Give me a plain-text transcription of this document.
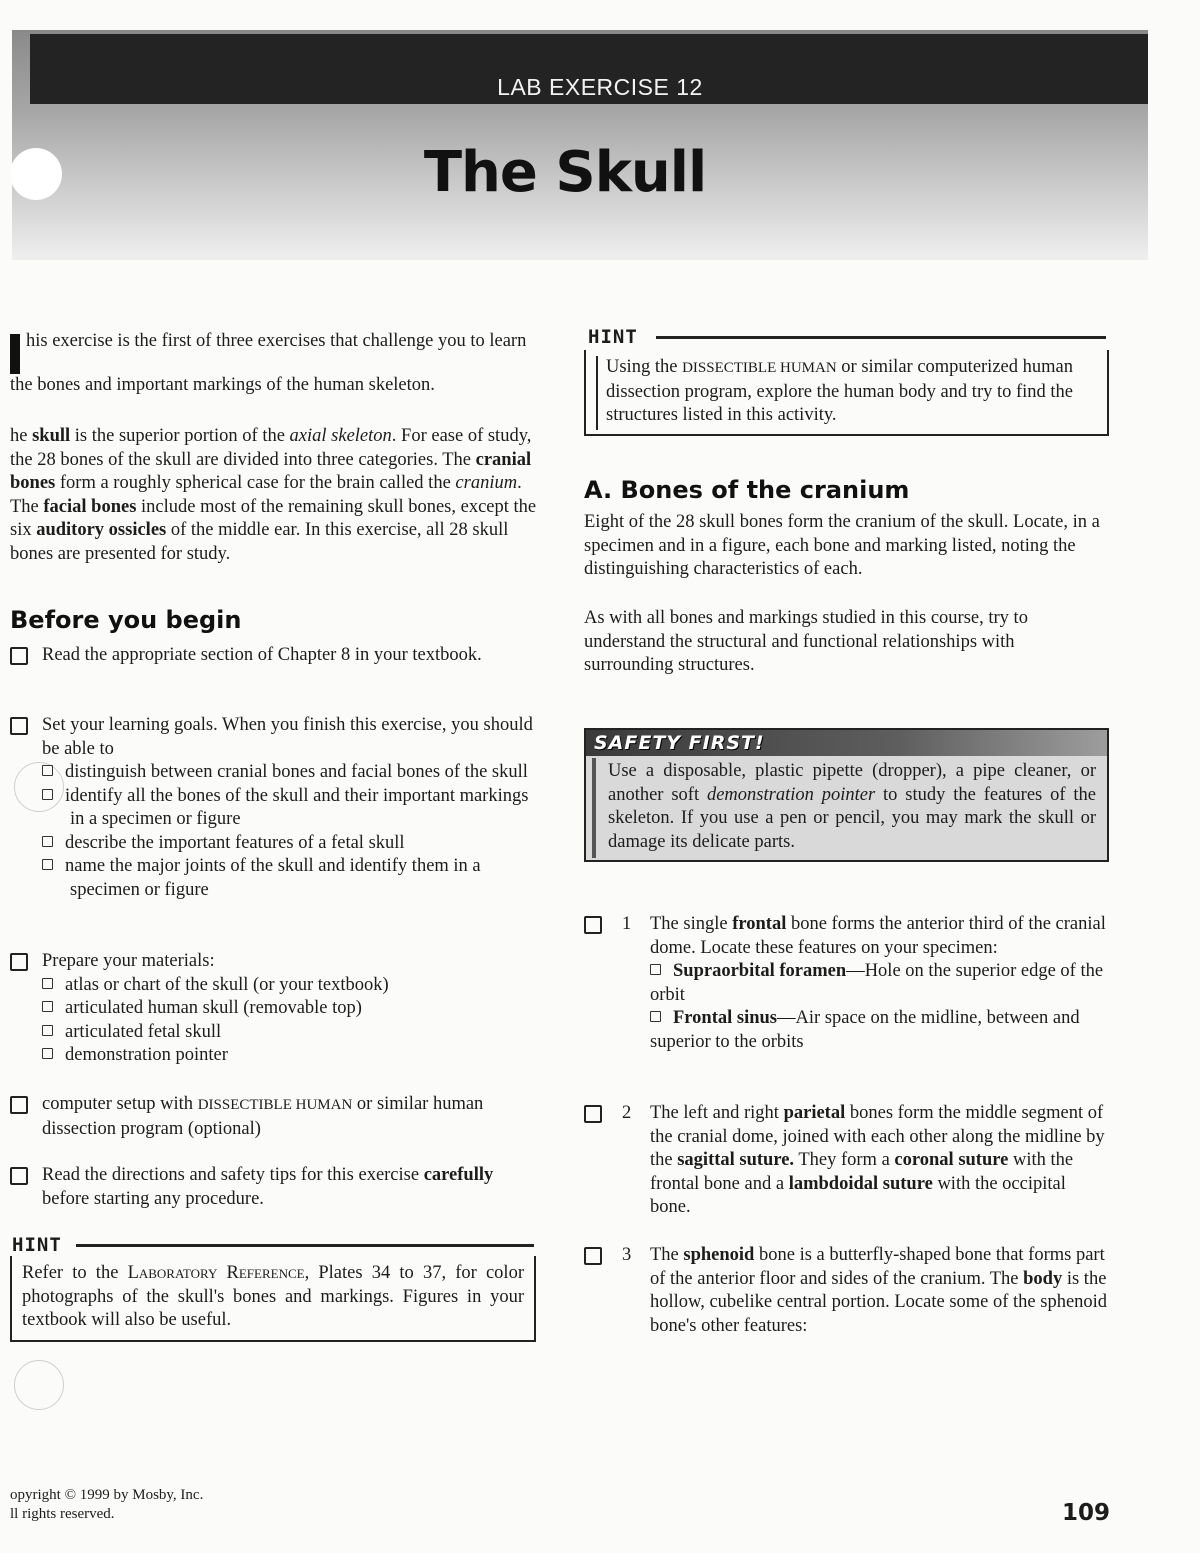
LAB EXERCISE 12
The Skull

his exercise is the first of three exercises that challenge you to learn the bones and important markings of the human skeleton.

he skull is the superior portion of the axial skeleton. For ease of study, the 28 bones of the skull are divided into three categories. The cranial bones form a roughly spherical case for the brain called the cranium. The facial bones include most of the remaining skull bones, except the six auditory ossicles of the middle ear. In this exercise, all 28 skull bones are presented for study.

Before you begin

Read the appropriate section of Chapter 8 in your textbook.

Set your learning goals. When you finish this exercise, you should be able to

distinguish between cranial bones and facial bones of the skull

identify all the bones of the skull and their important markings in a specimen or figure

describe the important features of a fetal skull

name the major joints of the skull and identify them in a specimen or figure

Prepare your materials:

atlas or chart of the skull (or your textbook)

articulated human skull (removable top)

articulated fetal skull

demonstration pointer

computer setup with DISSECTIBLE HUMAN or similar human dissection program (optional)

Read the directions and safety tips for this exercise carefully before starting any procedure.

HINT

Refer to the Laboratory Reference, Plates 34 to 37, for color photographs of the skull's bones and markings. Figures in your textbook will also be useful.

HINT

Using the DISSECTIBLE HUMAN or similar computerized human dissection program, explore the human body and try to find the structures listed in this activity.

A. Bones of the cranium

Eight of the 28 skull bones form the cranium of the skull. Locate, in a specimen and in a figure, each bone and marking listed, noting the distinguishing characteristics of each.

As with all bones and markings studied in this course, try to understand the structural and functional relationships with surrounding structures.

SAFETY FIRST!

Use a disposable, plastic pipette (dropper), a pipe cleaner, or another soft demonstration pointer to study the features of the skeleton. If you use a pen or pencil, you may mark the skull or damage its delicate parts.

1 The single frontal bone forms the anterior third of the cranial dome. Locate these features on your specimen:

Supraorbital foramen—Hole on the superior edge of the orbit

Frontal sinus—Air space on the midline, between and superior to the orbits

2 The left and right parietal bones form the middle segment of the cranial dome, joined with each other along the midline by the sagittal suture. They form a coronal suture with the frontal bone and a lambdoidal suture with the occipital bone.

3 The sphenoid bone is a butterfly-shaped bone that forms part of the anterior floor and sides of the cranium. The body is the hollow, cubelike central portion. Locate some of the sphenoid bone's other features:

opyright © 1999 by Mosby, Inc.
ll rights reserved.	109
